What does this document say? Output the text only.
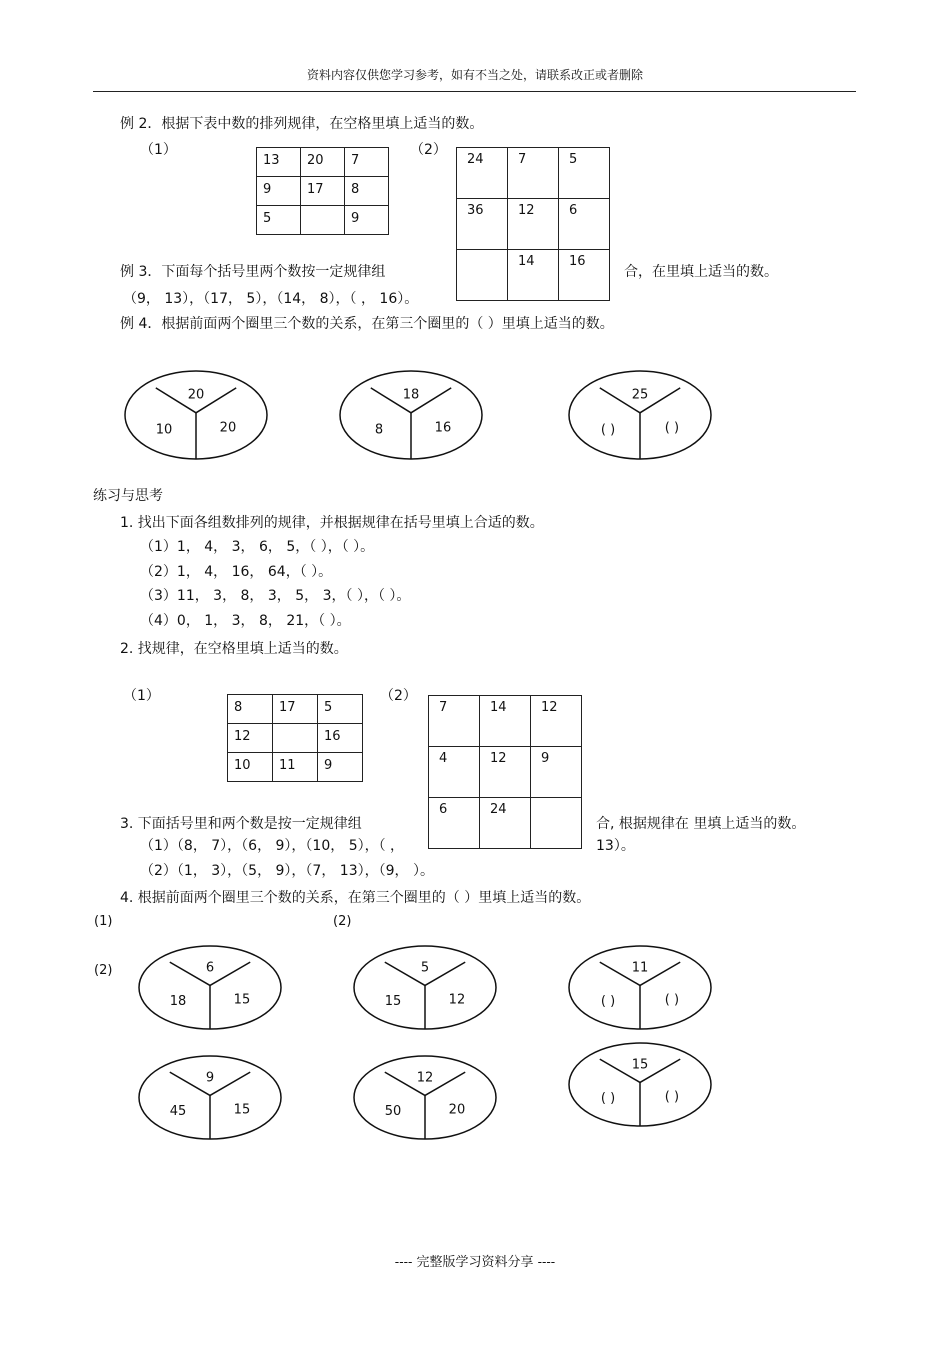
资料内容仅供您学习参考，如有不当之处，请联系改正或者删除
例 2．根据下表中数的排列规律，在空格里填上适当的数。
（1）	（2）
13	20	7

9	17	8

5		9
24	7	5

36	12	6

	14	16
例 3．下面每个括号里两个数按一定规律组	合，在里填上适当的数。
（9， 13），（17， 5），（14， 8），（ ， 16）。
例 4．根据前面两个圈里三个数的关系，在第三个圈里的（ ）里填上适当的数。
20
10	20
18
8	16
25
( )	( )
练习与思考
1. 找出下面各组数排列的规律，并根据规律在括号里填上合适的数。
（1）1， 4， 3， 6， 5，（ ），（ ）。
（2）1， 4， 16， 64，（ ）。
（3）11， 3， 8， 3， 5， 3，（ ），（ ）。
（4）0， 1， 3， 8， 21，（ ）。
2. 找规律，在空格里填上适当的数。
（1）	（2）
8	17	5

12		16

10	11	9
7	14	12

4	12	9

6	24	

3. 下面括号里和两个数是按一定规律组	合, 根据规律在 里填上适当的数。
（1）（8， 7），（6， 9），（10， 5），（ ，	13）。
（2）（1， 3），（5， 9），（7， 13），（9， ）。
4. 根据前面两个圈里三个数的关系，在第三个圈里的（ ）里填上适当的数。
(1)	(2)
(2)	6
18	15
5
15	12
11
( )	( )
9
45	15
12
50	20
15
( )	( )
---- 完整版学习资料分享 ----
